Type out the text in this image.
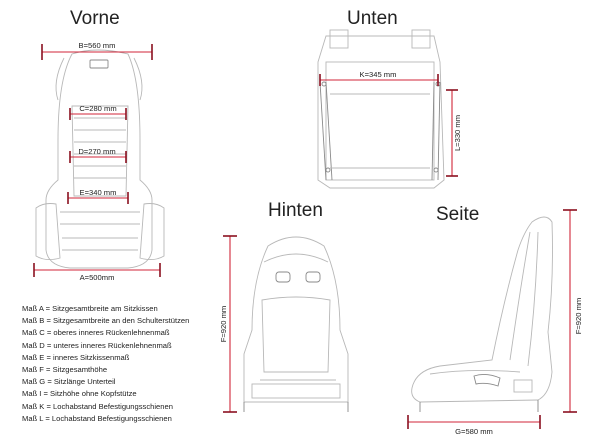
Vorne	Unten
Hinten	Seite
B=560 mm
C=280 mm
D=270 mm
E=340 mm
A=500mm
K=345 mm
L=330 mm
F=920 mm	F=920 mm
G=580 mm
Maß A = Sitzgesamtbreite am Sitzkissen
Maß B = Sitzgesamtbreite an den Schulterstützen
Maß C = oberes inneres Rückenlehnenmaß
Maß D = unteres inneres Rückenlehnenmaß
Maß E = inneres Sitzkissenmaß
Maß F = Sitzgesamthöhe
Maß G = Sitzlänge Unterteil
Maß I = Sitzhöhe ohne Kopfstütze
Maß K = Lochabstand Befestigungsschienen
Maß L = Lochabstand Befestigungsschienen
